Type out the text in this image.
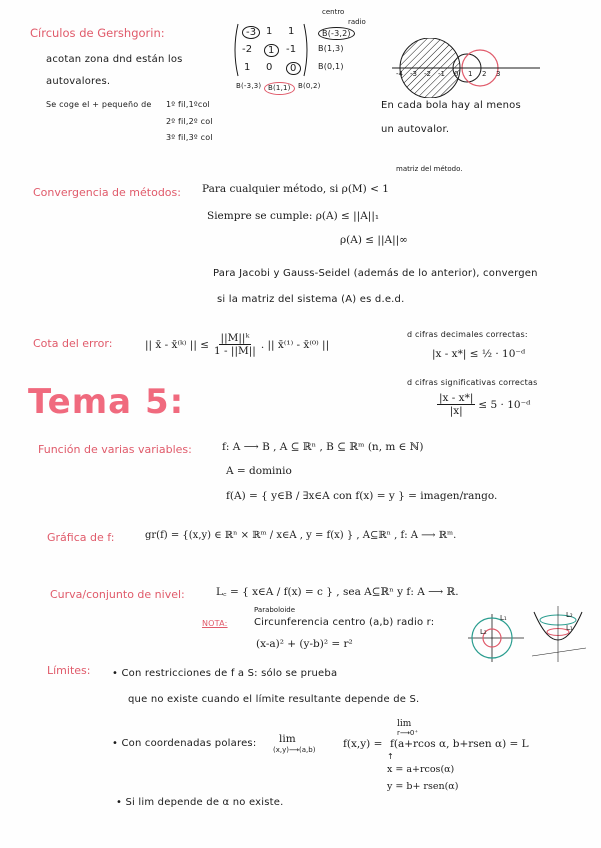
Círculos de Gershgorin:
acotan zona dnd están los
autovalores.
Se coge el + pequeño de 1º fil,1ºcol
2º fil,2º col
3º fil,3º col
-3 1 1
-2	1	-1
1 0	0
centro
radio
B(-3,2)
B(1,3)
B(0,1)
B(-3,3) B(1,1)	B(0,2)
-4 -3 -2 -1 0 1 2 3
En cada bola hay al menos
un autovalor.
matriz del método.
Convergencia de métodos: Para cualquier método, si ρ(M) < 1
Siempre se cumple: ρ(A) ≤ ||A||₁
ρ(A) ≤ ||A||∞
Para Jacobi y Gauss-Seidel (además de lo anterior), convergen
si la matriz del sistema (A) es d.e.d.
Cota del error:	|| x̄ - x̄⁽ᵏ⁾ || ≤ $\frac{\text{||M||ᵏ}}{1 - ||M||}$ . || x̄⁽¹⁾ - x̄⁽⁰⁾ ||
d cifras decimales correctas:
|x - x*| ≤ ½ · 10⁻ᵈ
d cifras significativas correctas
$\frac{|x - x*|}{|x|} \le 5$ · 10⁻ᵈ
Tema 5:
Función de varias variables:	f: A ⟶ B , A ⊆ ℝⁿ , B ⊆ ℝᵐ (n, m ∈ ℕ)
A = dominio
f(A) = { y∈B / ∃x∈A con f(x) = y } = imagen/rango.
Gráfica de f:	gr(f) = {(x,y) ∈ ℝⁿ × ℝᵐ / x∈A , y = f(x) } , A⊆ℝⁿ , f: A ⟶ ℝᵐ.
Curva/conjunto de nivel:	L꜀ = { x∈A / f(x) = c } , sea A⊆ℝⁿ y f: A ⟶ ℝ.
Paraboloide
NOTA:	Circunferencia centro (a,b) radio r:
(x-a)² + (y-b)² = r²
L₁
L₂
L₂
L₁
Límites: • Con restricciones de f a S: sólo se prueba
que no existe cuando el límite resultante depende de S.
• Con coordenadas polares: lim
(x,y)⟶(a,b)	f(x,y) =
lim
r⟶0⁺
f(a+rcos α, b+rsen α) = L
↑
x = a+rcos(α)
y = b+ rsen(α)
• Si lim depende de α no existe.
